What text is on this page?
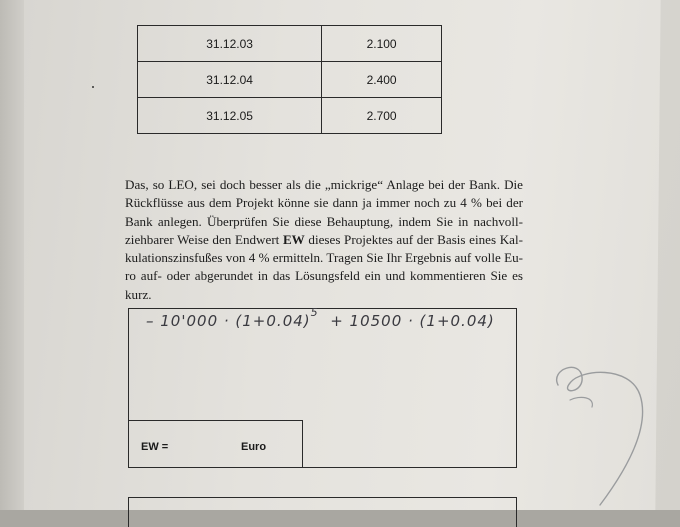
31.12.03	2.100
31.12.04	2.400
31.12.05	2.700
Das, so LEO, sei doch besser als die „mickrige“ Anlage bei der Bank. Die
Rückflüsse aus dem Projekt könne sie dann ja immer noch zu 4 % bei der
Bank anlegen. Überprüfen Sie diese Behauptung, indem Sie in nachvoll-
ziehbarer Weise den Endwert EW dieses Projektes auf der Basis eines Kal-
kulationszinsfußes von 4 % ermitteln. Tragen Sie Ihr Ergebnis auf volle Eu-
ro auf- oder abgerundet in das Lösungsfeld ein und kommentieren Sie es
kurz.
– $10'000 \cdot (1+0.04)^5 + 10500 \cdot (1+0.04)$
EW =	Euro
